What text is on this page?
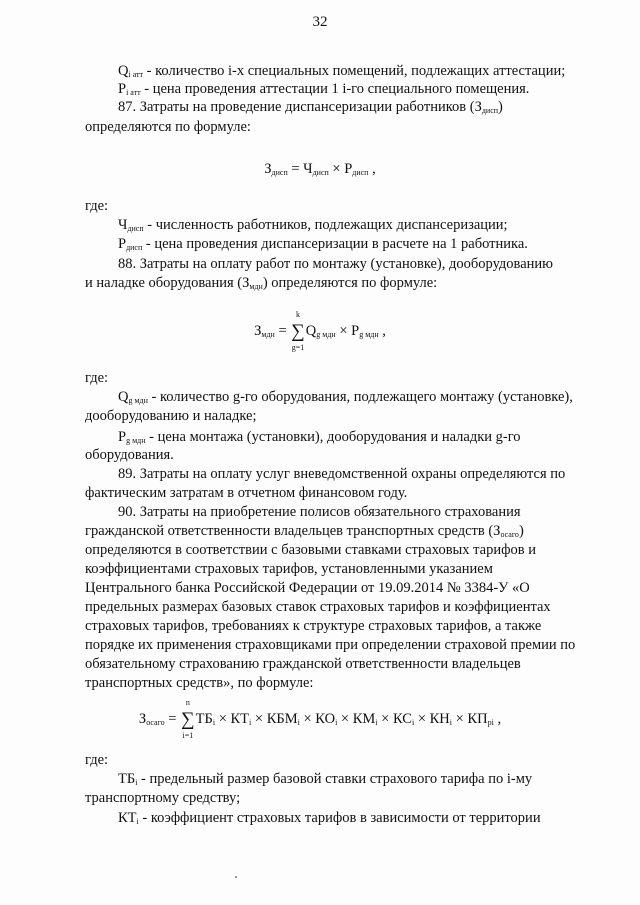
32
$Q_{i атт}$ - количество i-х специальных помещений, подлежащих аттестации;
$P_{i атт}$ - цена проведения аттестации 1 i-го специального помещения.
87. Затраты на проведение диспансеризации работников $(З_{дисп})$
определяются по формуле:
$З_{дисп} = Ч_{дисп} \times P_{дисп}$ ,
где:
$Ч_{дисп}$ - численность работников, подлежащих диспансеризации;
$P_{дисп}$ - цена проведения диспансеризации в расчете на 1 работника.
88. Затраты на оплату работ по монтажу (установке), дооборудованию
и наладке оборудования $(З_{мдн})$ определяются по формуле:
$З_{мдн}$ = ∑
k
g=1
$Q_{g мдн} \times P_{g мдн}$ ,
где:
$Q_{g мдн}$ - количество g-го оборудования, подлежащего монтажу (установке),
дооборудованию и наладке;
$P_{g мдн}$ - цена монтажа (установки), дооборудования и наладки g-го
оборудования.
89. Затраты на оплату услуг вневедомственной охраны определяются по
фактическим затратам в отчетном финансовом году.
90. Затраты на приобретение полисов обязательного страхования
гражданской ответственности владельцев транспортных средств $(З_{осаго})$
определяются в соответствии с базовыми ставками страховых тарифов и
коэффициентами страховых тарифов, установленными указанием
Центрального банка Российской Федерации от 19.09.2014 № 3384-У «О
предельных размерах базовых ставок страховых тарифов и коэффициентах
страховых тарифов, требованиях к структуре страховых тарифов, а также
порядке их применения страховщиками при определении страховой премии по
обязательному страхованию гражданской ответственности владельцев
транспортных средств», по формуле:
$З_{осаго}$ = ∑
n
i=1
$ТБ_i \times КТ_i \times КБМ_i \times КО_i \times КМ_i \times КС_i \times КН_i \times КП_{pi}$ ,
где:
$ТБ_i$ - предельный размер базовой ставки страхового тарифа по i-му
транспортному средству;
$КТ_i$ - коэффициент страховых тарифов в зависимости от территории
